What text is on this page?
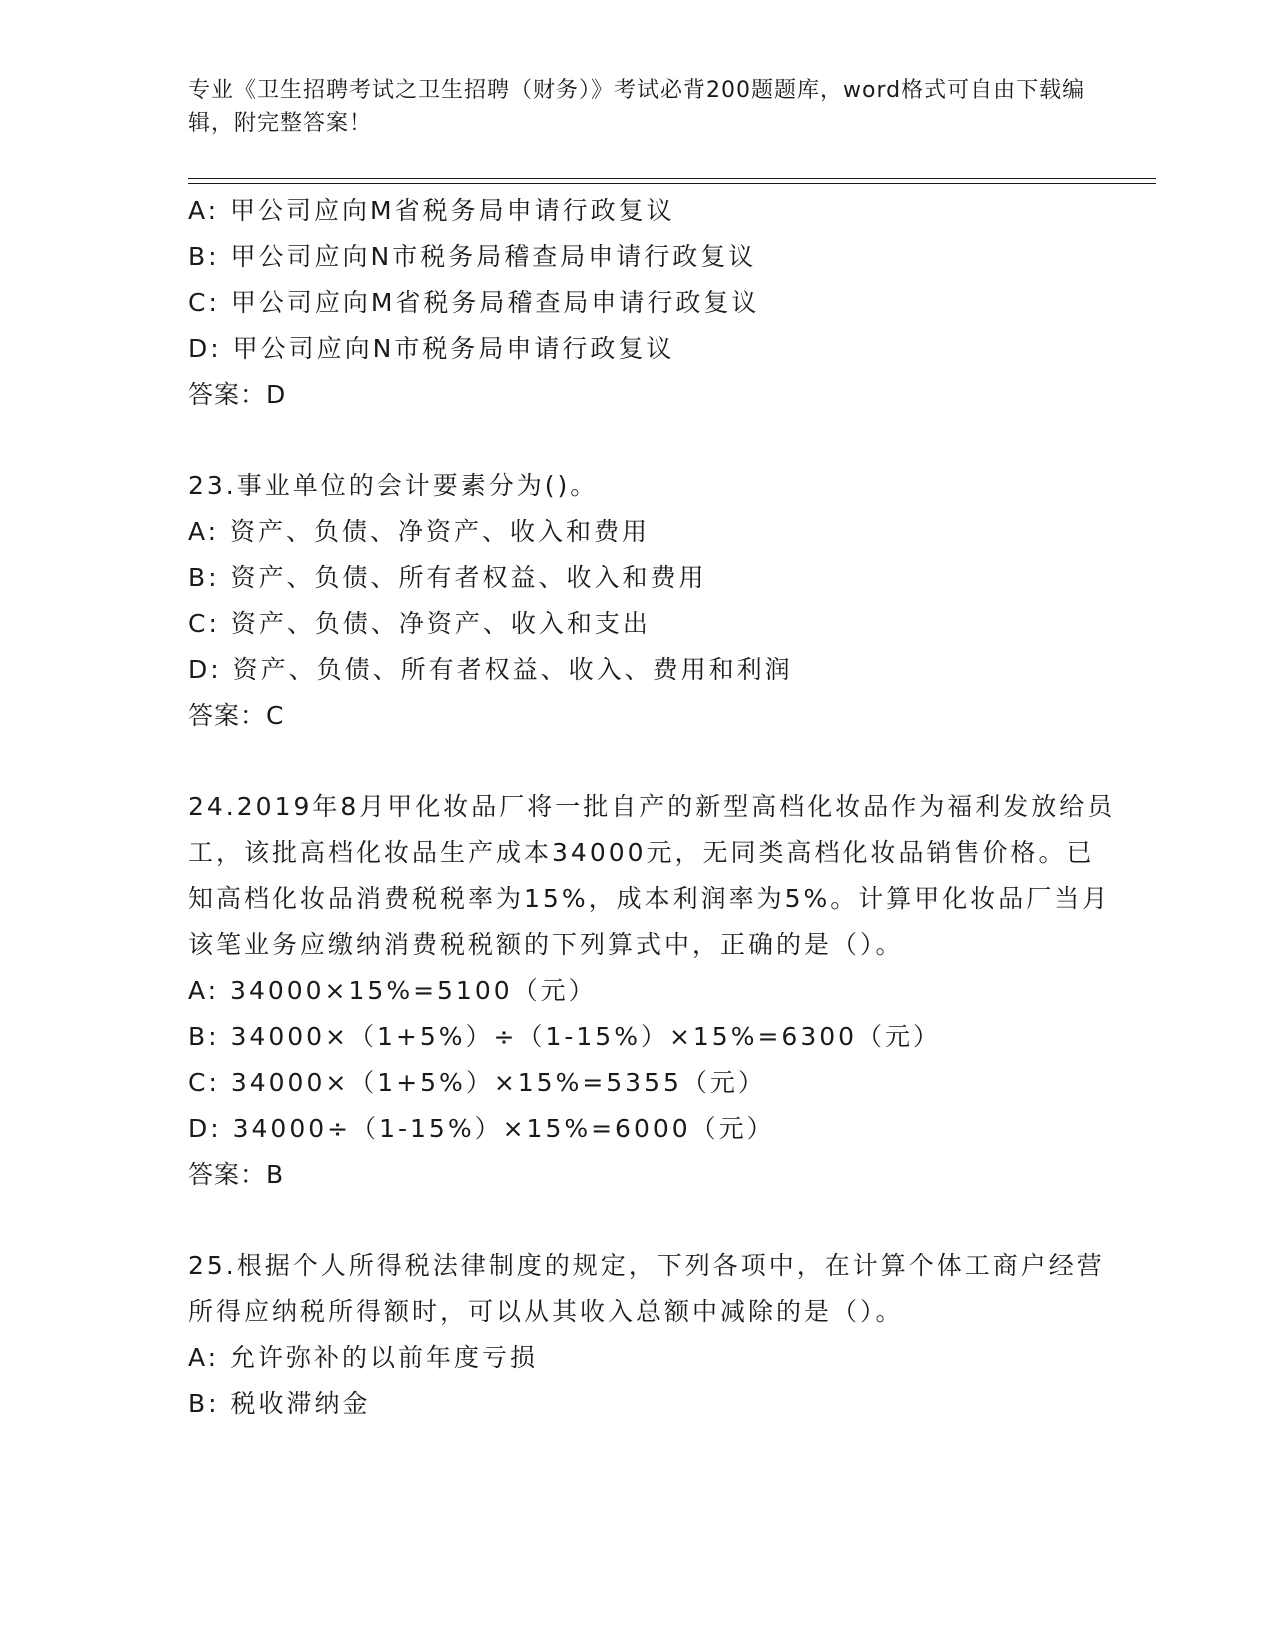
专业《卫生招聘考试之卫生招聘（财务）》考试必背200题题库，word格式可自由下载编辑，附完整答案！
A: 甲公司应向M省税务局申请行政复议
B: 甲公司应向N市税务局稽查局申请行政复议
C: 甲公司应向M省税务局稽查局申请行政复议
D: 甲公司应向N市税务局申请行政复议
答案：D
23.事业单位的会计要素分为()。
A: 资产、负债、净资产、收入和费用
B: 资产、负债、所有者权益、收入和费用
C: 资产、负债、净资产、收入和支出
D: 资产、负债、所有者权益、收入、费用和利润
答案：C
24.2019年8月甲化妆品厂将一批自产的新型高档化妆品作为福利发放给员工，该批高档化妆品生产成本34000元，无同类高档化妆品销售价格。已知高档化妆品消费税税率为15%，成本利润率为5%。计算甲化妆品厂当月该笔业务应缴纳消费税税额的下列算式中，正确的是（）。
A: 34000×15%=5100（元）
B: 34000×（1+5%）÷（1-15%）×15%=6300（元）
C: 34000×（1+5%）×15%=5355（元）
D: 34000÷（1-15%）×15%=6000（元）
答案：B
25.根据个人所得税法律制度的规定，下列各项中，在计算个体工商户经营所得应纳税所得额时，可以从其收入总额中减除的是（）。
A: 允许弥补的以前年度亏损
B: 税收滞纳金
